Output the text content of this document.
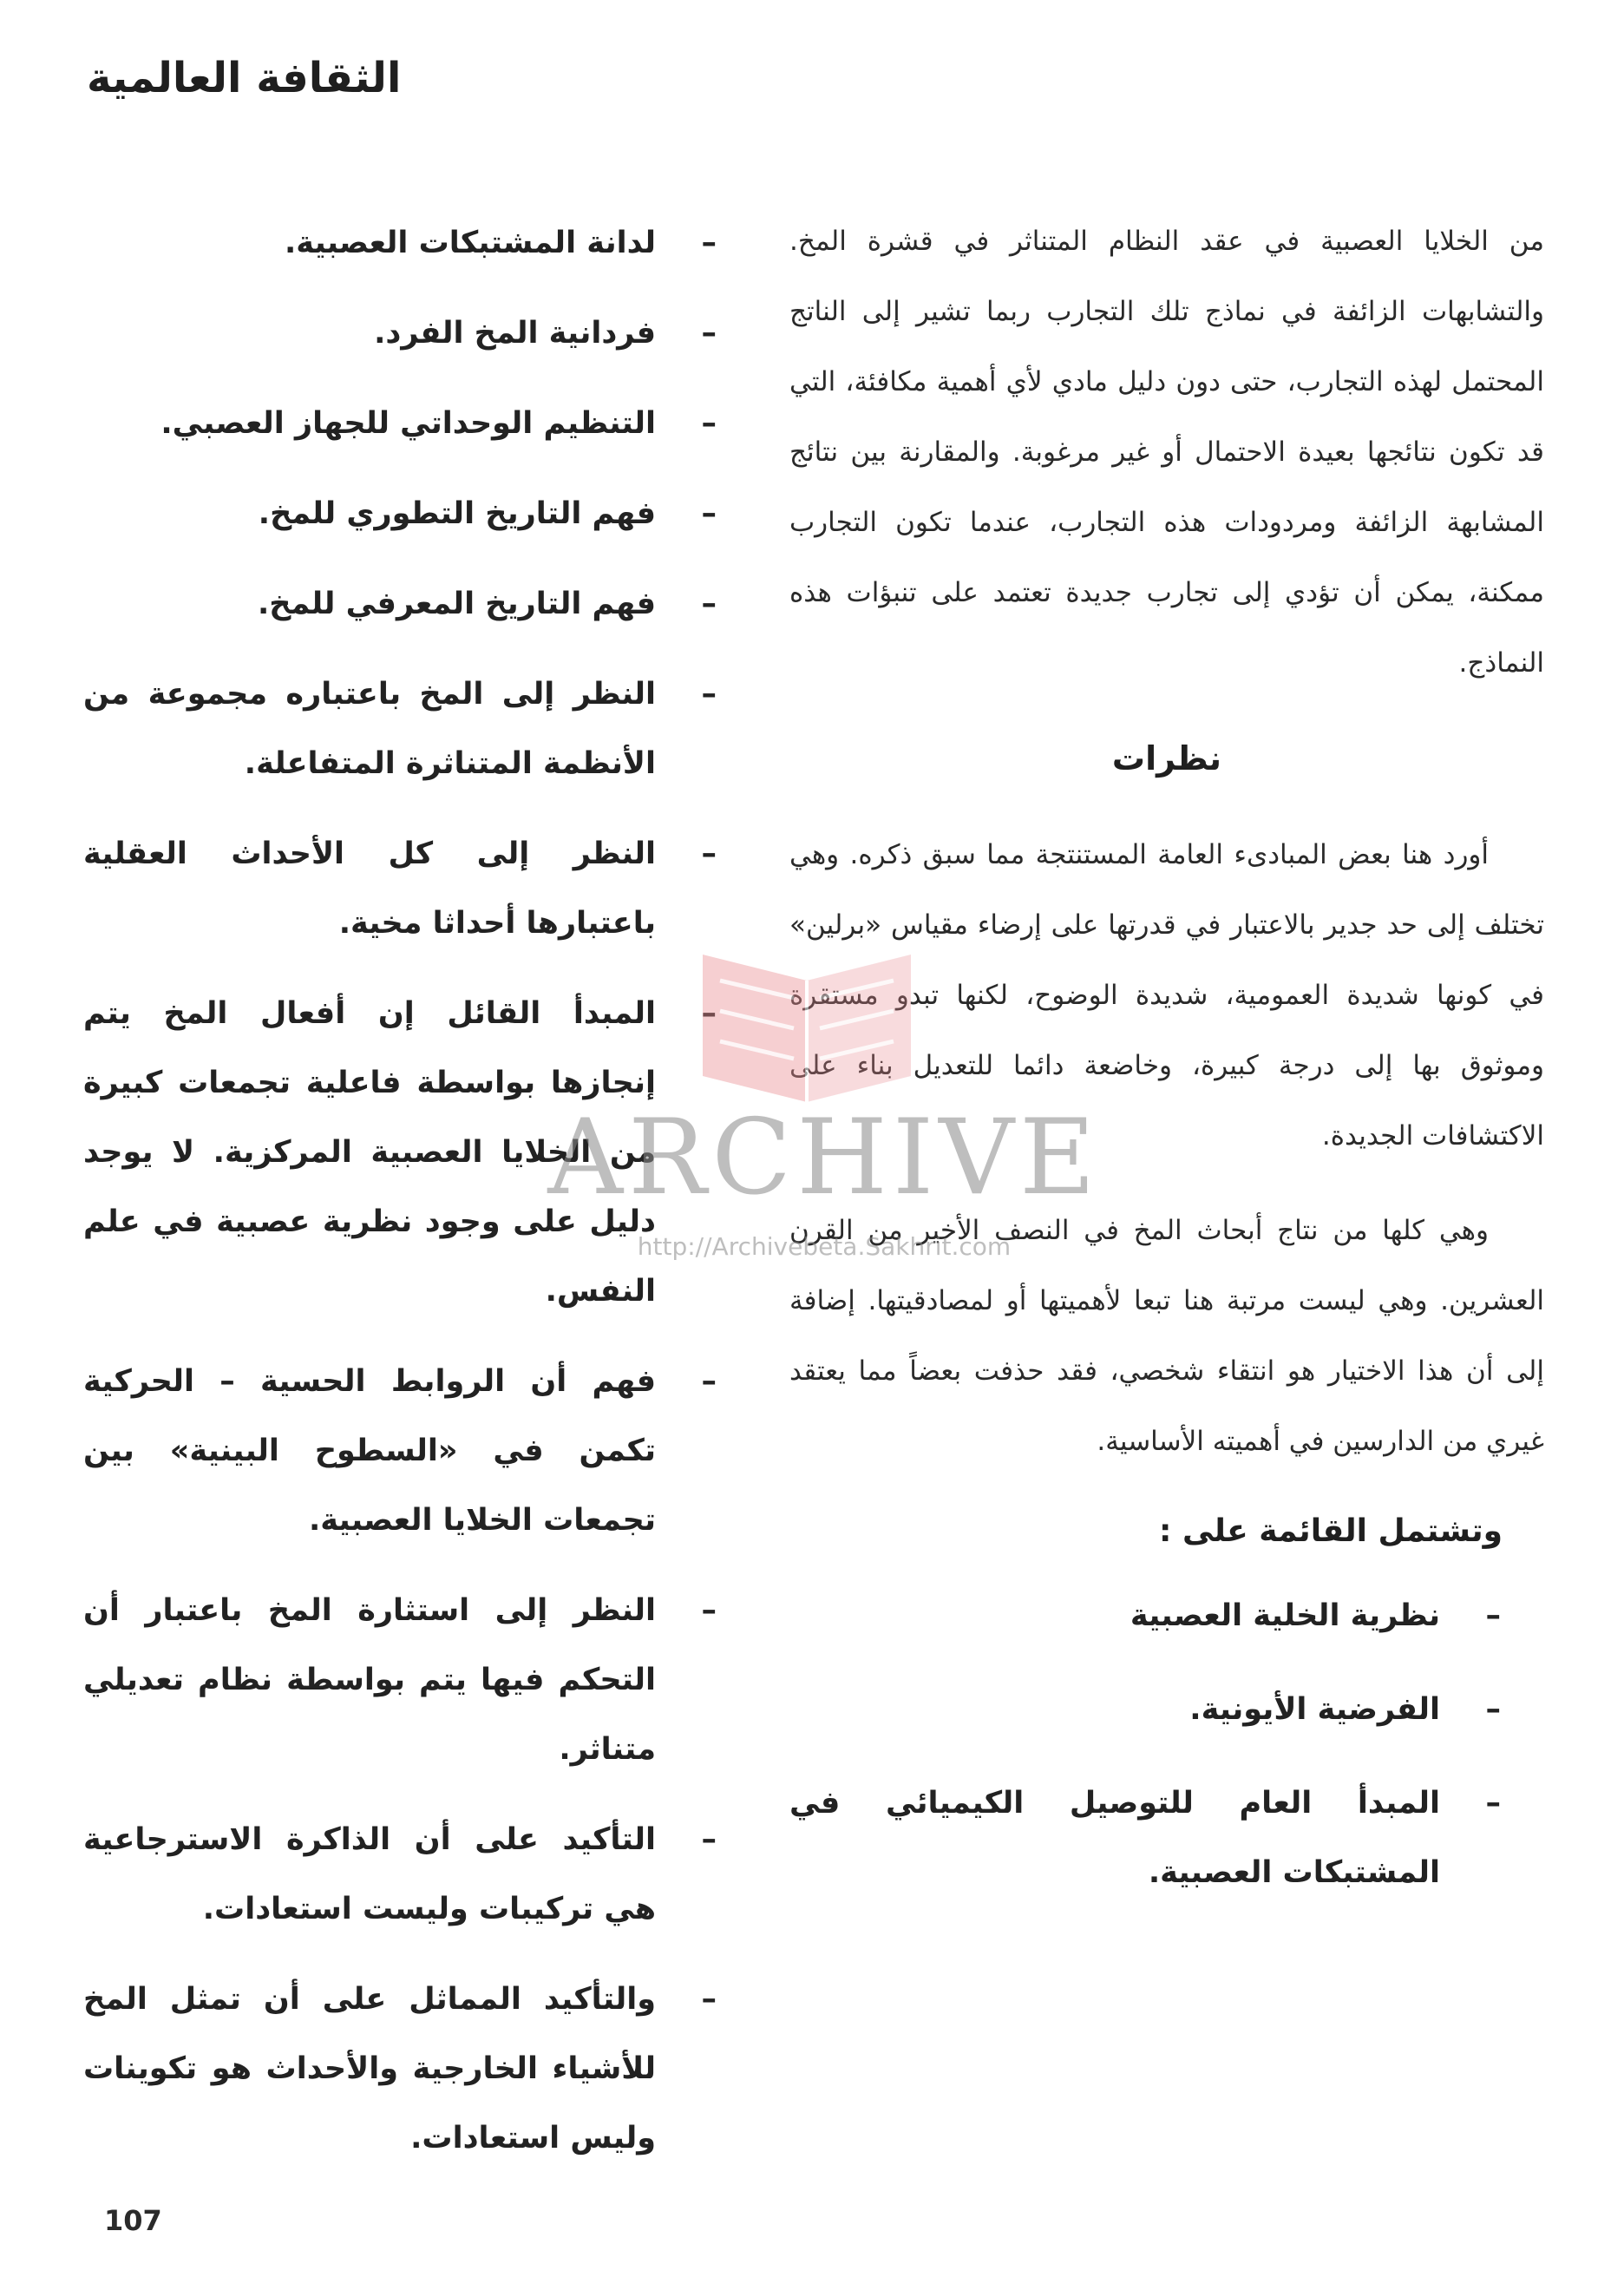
الثقافة العالمية

من الخلايا العصبية في عقد النظام المتناثر في قشرة المخ. والتشابهات الزائفة في نماذج تلك التجارب ربما تشير إلى الناتج المحتمل لهذه التجارب، حتى دون دليل مادي لأي أهمية مكافئة، التي قد تكون نتائجها بعيدة الاحتمال أو غير مرغوبة. والمقارنة بين نتائج المشابهة الزائفة ومردودات هذه التجارب، عندما تكون التجارب ممكنة، يمكن أن تؤدي إلى تجارب جديدة تعتمد على تنبؤات هذه النماذج.

نظرات

أورد هنا بعض المبادىء العامة المستنتجة مما سبق ذكره. وهي تختلف إلى حد جدير بالاعتبار في قدرتها على إرضاء مقياس «برلين» في كونها شديدة العمومية، شديدة الوضوح، لكنها تبدو مستقرة وموثوق بها إلى درجة كبيرة، وخاضعة دائما للتعديل بناء على الاكتشافات الجديدة.

وهي كلها من نتاج أبحاث المخ في النصف الأخير من القرن العشرين. وهي ليست مرتبة هنا تبعا لأهميتها أو لمصادقيتها. إضافة إلى أن هذا الاختيار هو انتقاء شخصي، فقد حذفت بعضاً مما يعتقد غيري من الدارسين في أهميته الأساسية.

وتشتمل القائمة على :
–
نظرية الخلية العصبية
–
الفرضية الأيونية.
–
المبدأ العام للتوصيل الكيميائي في المشتبكات العصبية.
–
لدانة المشتبكات العصبية.
–
فردانية المخ الفرد.
–
التنظيم الوحداتي للجهاز العصبي.
–
فهم التاريخ التطوري للمخ.
–
فهم التاريخ المعرفي للمخ.
–
النظر إلى المخ باعتباره مجموعة من الأنظمة المتناثرة المتفاعلة.
–
النظر إلى كل الأحداث العقلية باعتبارها أحداثا مخية.
–
المبدأ القائل إن أفعال المخ يتم إنجازها بواسطة فاعلية تجمعات كبيرة من الخلايا العصبية المركزية. لا يوجد دليل على وجود نظرية عصبية في علم النفس.
–
فهم أن الروابط الحسية – الحركية تكمن في «السطوح البينية» بين تجمعات الخلايا العصبية.
–
النظر إلى استثارة المخ باعتبار أن التحكم فيها يتم بواسطة نظام تعديلي متناثر.
–
التأكيد على أن الذاكرة الاسترجاعية هي تركيبات وليست استعادات.
–
والتأكيد المماثل على أن تمثل المخ للأشياء الخارجية والأحداث هو تكوينات وليس استعادات.
ARCHIVE
http://Archivebeta.Sakhrit.com
107
